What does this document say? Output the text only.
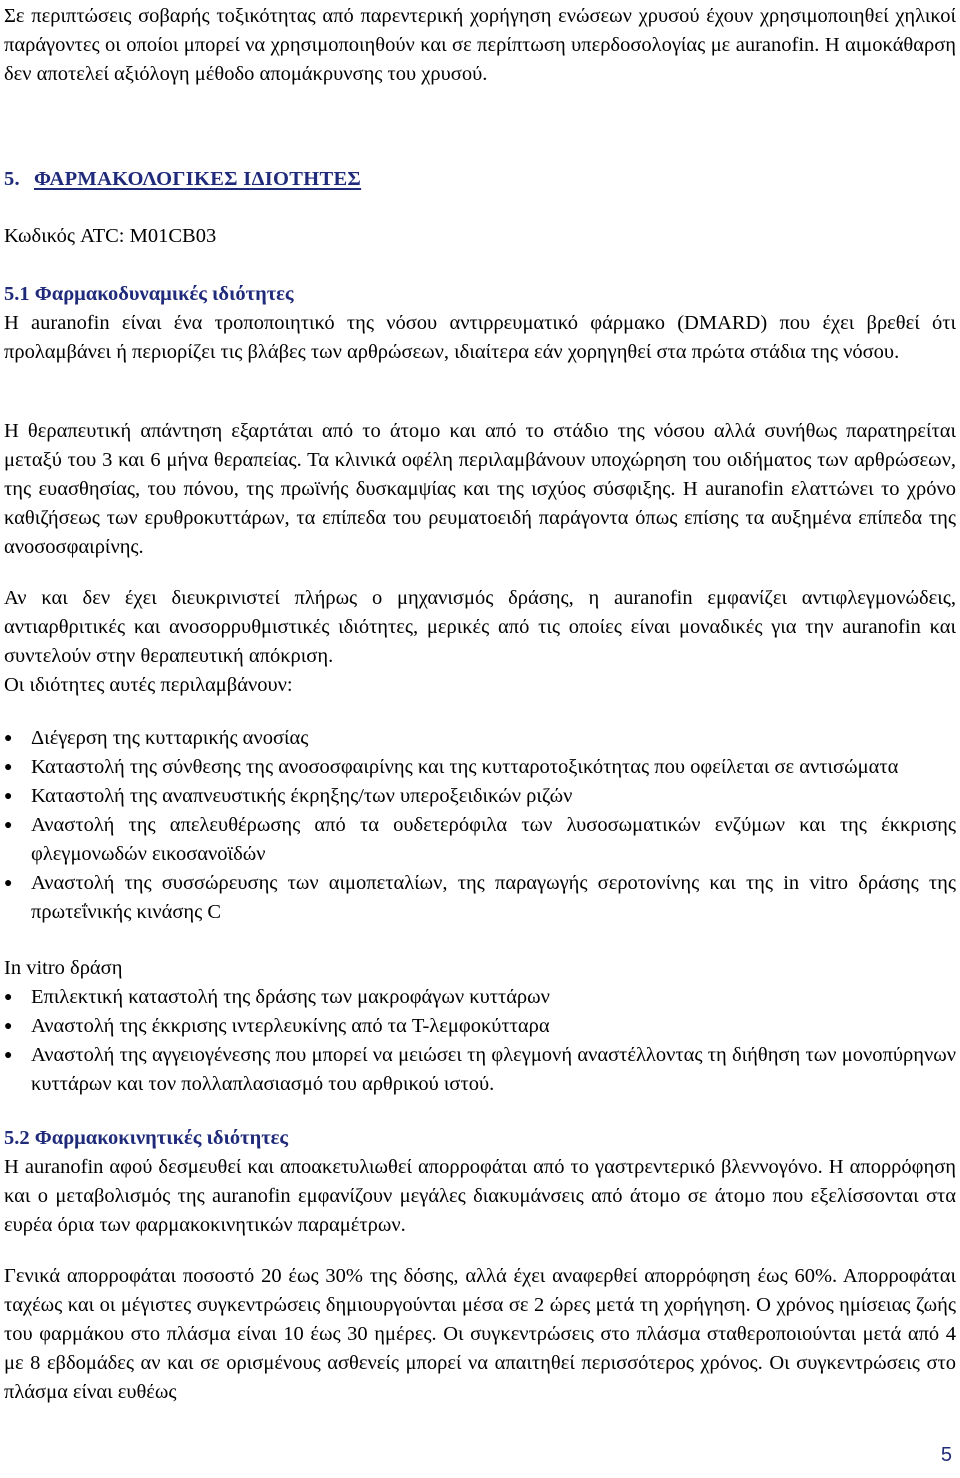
Σε περιπτώσεις σοβαρής τοξικότητας από παρεντερική χορήγηση ενώσεων χρυσού έχουν χρησιμοποιηθεί χηλικοί παράγοντες οι οποίοι μπορεί να χρησιμοποιηθούν και σε περίπτωση υπερδοσολογίας με auranofin. Η αιμοκάθαρση δεν αποτελεί αξιόλογη μέθοδο απομάκρυνσης του χρυσού.
5. ΦΑΡΜΑΚΟΛΟΓΙΚΕΣ ΙΔΙΟΤΗΤΕΣ
Κωδικός ATC: M01CB03
5.1 Φαρμακοδυναμικές ιδιότητες
Η auranofin είναι ένα τροποποιητικό της νόσου αντιρρευματικό φάρμακο (DMARD) που έχει βρεθεί ότι προλαμβάνει ή περιορίζει τις βλάβες των αρθρώσεων, ιδιαίτερα εάν χορηγηθεί στα πρώτα στάδια της νόσου.
Η θεραπευτική απάντηση εξαρτάται από το άτομο και από το στάδιο της νόσου αλλά συνήθως παρατηρείται μεταξύ του 3 και 6 μήνα θεραπείας. Τα κλινικά οφέλη περιλαμβάνουν υποχώρηση του οιδήματος των αρθρώσεων, της ευασθησίας, του πόνου, της πρωϊνής δυσκαμψίας και της ισχύος σύσφιξης. Η auranofin ελαττώνει το χρόνο καθιζήσεως των ερυθροκυττάρων, τα επίπεδα του ρευματοειδή παράγοντα όπως επίσης τα αυξημένα επίπεδα της ανοσοσφαιρίνης.
Αν και δεν έχει διευκρινιστεί πλήρως ο μηχανισμός δράσης, η auranofin εμφανίζει αντιφλεγμονώδεις, αντιαρθριτικές και ανοσορρυθμιστικές ιδιότητες, μερικές από τις οποίες είναι μοναδικές για την auranofin και συντελούν στην θεραπευτική απόκριση.
Οι ιδιότητες αυτές περιλαμβάνουν:
● Διέγερση της κυτταρικής ανοσίας
● Καταστολή της σύνθεσης της ανοσοσφαιρίνης και της κυτταροτοξικότητας που οφείλεται σε αντισώματα
● Καταστολή της αναπνευστικής έκρηξης/των υπεροξειδικών ριζών
● Αναστολή της απελευθέρωσης από τα ουδετερόφιλα των λυσοσωματικών ενζύμων και της έκκρισης φλεγμονωδών εικοσανοϊδών
● Αναστολή της συσσώρευσης των αιμοπεταλίων, της παραγωγής σεροτονίνης και της in vitro δράσης της πρωτεΐνικής κινάσης C
In vitro δράση
● Επιλεκτική καταστολή της δράσης των μακροφάγων κυττάρων
● Αναστολή της έκκρισης ιντερλευκίνης από τα T-λεμφοκύτταρα
● Αναστολή της αγγειογένεσης που μπορεί να μειώσει τη φλεγμονή αναστέλλοντας τη διήθηση των μονοπύρηνων κυττάρων και τον πολλαπλασιασμό του αρθρικού ιστού.
5.2 Φαρμακοκινητικές ιδιότητες
Η auranofin αφού δεσμευθεί και αποακετυλιωθεί απορροφάται από το γαστρεντερικό βλεννογόνο. Η απορρόφηση και ο μεταβολισμός της auranofin εμφανίζουν μεγάλες διακυμάνσεις από άτομο σε άτομο που εξελίσσονται στα ευρέα όρια των φαρμακοκινητικών παραμέτρων.
Γενικά απορροφάται ποσοστό 20 έως 30% της δόσης, αλλά έχει αναφερθεί απορρόφηση έως 60%. Απορροφάται ταχέως και οι μέγιστες συγκεντρώσεις δημιουργούνται μέσα σε 2 ώρες μετά τη χορήγηση. Ο χρόνος ημίσειας ζωής του φαρμάκου στο πλάσμα είναι 10 έως 30 ημέρες. Οι συγκεντρώσεις στο πλάσμα σταθεροποιούνται μετά από 4 με 8 εβδομάδες αν και σε ορισμένους ασθενείς μπορεί να απαιτηθεί περισσότερος χρόνος. Οι συγκεντρώσεις στο πλάσμα είναι ευθέως
5
